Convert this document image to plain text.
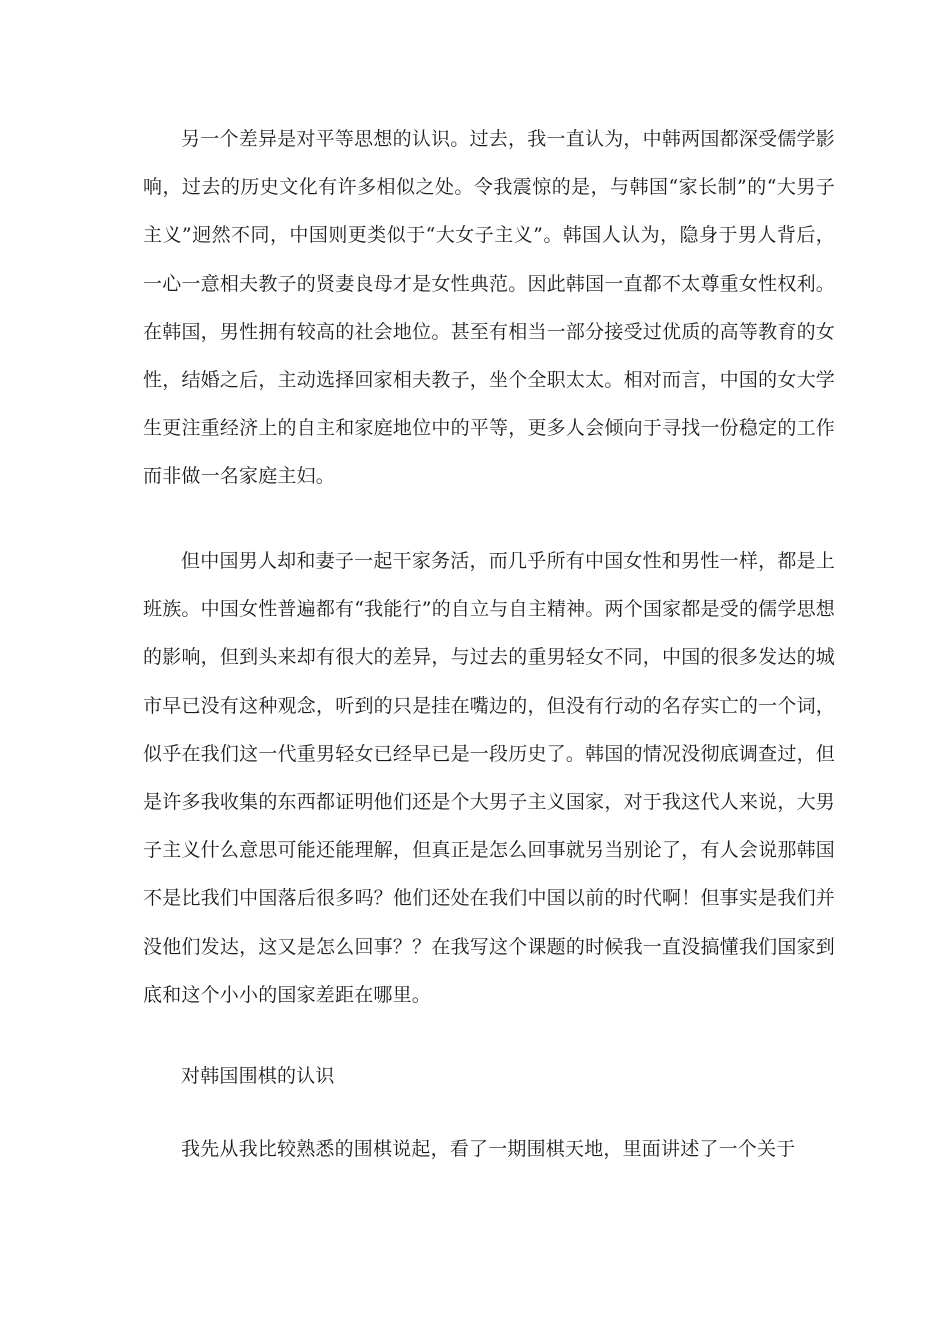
另一个差异是对平等思想的认识。过去，我一直认为，中韩两国都深受儒学影响，过去的历史文化有许多相似之处。令我震惊的是，与韩国“家长制”的“大男子主义”迥然不同，中国则更类似于“大女子主义”。韩国人认为，隐身于男人背后，一心一意相夫教子的贤妻良母才是女性典范。因此韩国一直都不太尊重女性权利。在韩国，男性拥有较高的社会地位。甚至有相当一部分接受过优质的高等教育的女性，结婚之后，主动选择回家相夫教子，坐个全职太太。相对而言，中国的女大学生更注重经济上的自主和家庭地位中的平等，更多人会倾向于寻找一份稳定的工作而非做一名家庭主妇。

但中国男人却和妻子一起干家务活，而几乎所有中国女性和男性一样，都是上班族。中国女性普遍都有“我能行”的自立与自主精神。两个国家都是受的儒学思想的影响，但到头来却有很大的差异，与过去的重男轻女不同，中国的很多发达的城市早已没有这种观念，听到的只是挂在嘴边的，但没有行动的名存实亡的一个词，似乎在我们这一代重男轻女已经早已是一段历史了。韩国的情况没彻底调查过，但是许多我收集的东西都证明他们还是个大男子主义国家，对于我这代人来说，大男子主义什么意思可能还能理解，但真正是怎么回事就另当别论了，有人会说那韩国不是比我们中国落后很多吗？他们还处在我们中国以前的时代啊！但事实是我们并没他们发达，这又是怎么回事？？在我写这个课题的时候我一直没搞懂我们国家到底和这个小小的国家差距在哪里。

对韩国围棋的认识

我先从我比较熟悉的围棋说起，看了一期围棋天地，里面讲述了一个关于
